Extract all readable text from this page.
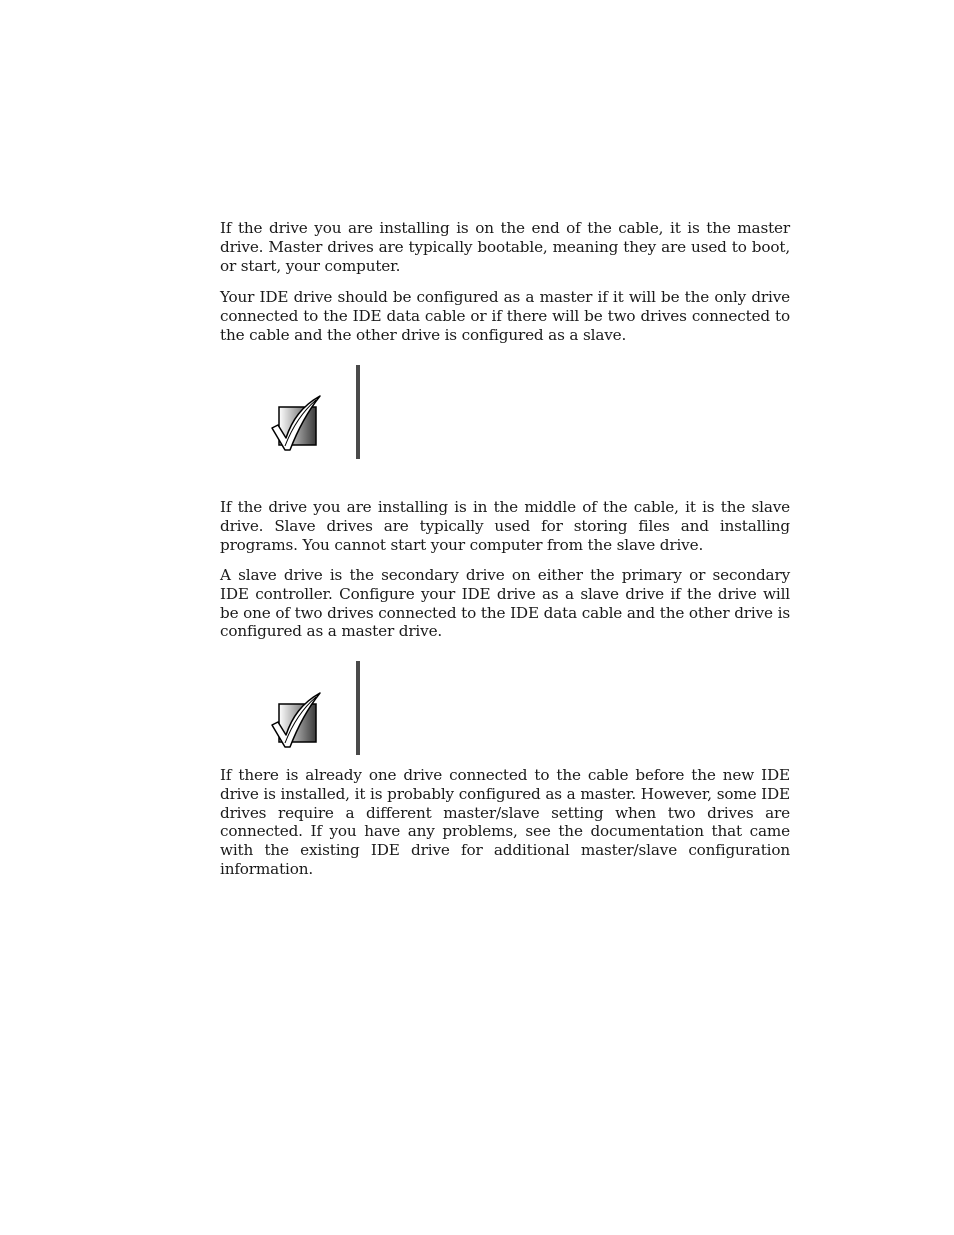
If the drive you are installing is on the end of the cable, it is the master drive. Master drives are typically bootable, meaning they are used to boot, or start, your computer.

Your IDE drive should be configured as a master if it will be the only drive connected to the IDE data cable or if there will be two drives connected to the cable and the other drive is configured as a slave.

If the drive you are installing is in the middle of the cable, it is the slave drive. Slave drives are typically used for storing files and installing programs. You cannot start your computer from the slave drive.

A slave drive is the secondary drive on either the primary or secondary IDE controller. Configure your IDE drive as a slave drive if the drive will be one of two drives connected to the IDE data cable and the other drive is configured as a master drive.

If there is already one drive connected to the cable before the new IDE drive is installed, it is probably configured as a master. However, some IDE drives require a different master/slave setting when two drives are connected. If you have any problems, see the documentation that came with the existing IDE drive for additional master/slave configuration information.
